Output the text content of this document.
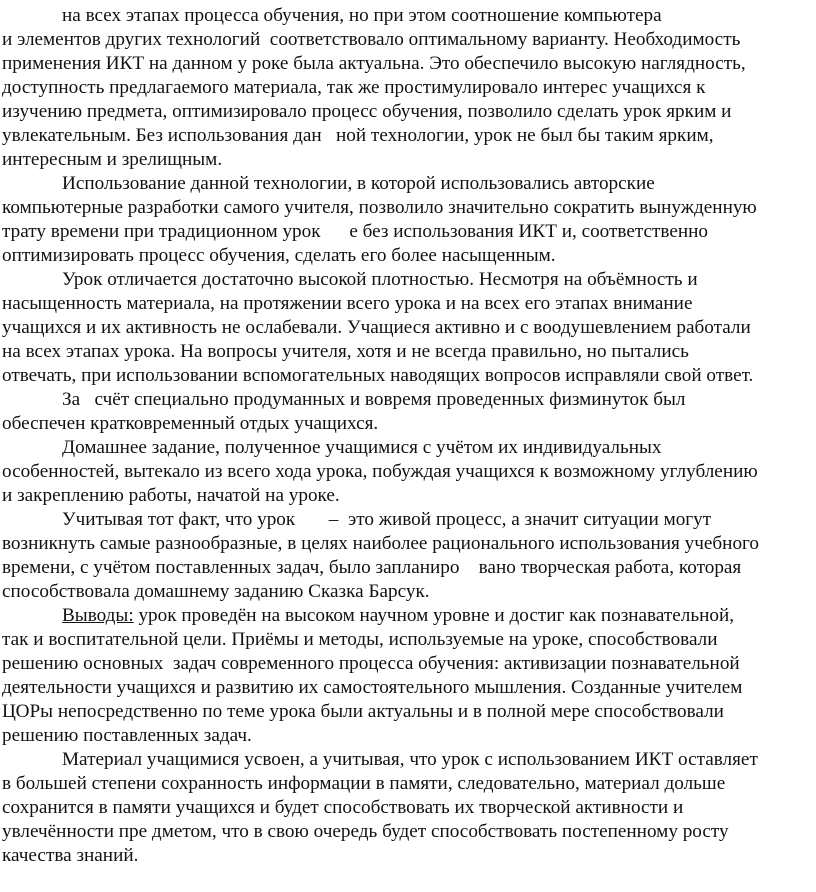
на всех этапах процесса обучения, но при этом соотношение компьютера
и элементов других технологий  соответствовало оптимальному варианту. Необходимость
применения ИКТ на данном у роке была актуальна. Это обеспечило высокую наглядность,
доступность предлагаемого материала, так же простимулировало интерес учащихся к
изучению предмета, оптимизировало процесс обучения, позволило сделать урок ярким и
увлекательным. Без использования дан   ной технологии, урок не был бы таким ярким,
интересным и зрелищным.
Использование данной технологии, в которой использовались авторские
компьютерные разработки самого учителя, позволило значительно сократить вынужденную
трату времени при традиционном урок      е без использования ИКТ и, соответственно
оптимизировать процесс обучения, сделать его более насыщенным.
Урок отличается достаточно высокой плотностью. Несмотря на объёмность и
насыщенность материала, на протяжении всего урока и на всех его этапах внимание
учащихся и их активность не ослабевали. Учащиеся активно и с воодушевлением работали
на всех этапах урока. На вопросы учителя, хотя и не всегда правильно, но пытались
отвечать, при использовании вспомогательных наводящих вопросов исправляли свой ответ.
За   счёт специально продуманных и вовремя проведенных физминуток был
обеспечен кратковременный отдых учащихся.
Домашнее задание, полученное учащимися с учётом их индивидуальных
особенностей, вытекало из всего хода урока, побуждая учащихся к возможному углублению
и закреплению работы, начатой на уроке.
Учитывая тот факт, что урок       –  это живой процесс, а значит ситуации могут
возникнуть самые разнообразные, в целях наиболее рационального использования учебного
времени, с учётом поставленных задач, было запланиро    вано творческая работа, которая
способствовала домашнему заданию Сказка Барсук.
Выводы: урок проведён на высоком научном уровне и достиг как познавательной,
так и воспитательной цели. Приёмы и методы, используемые на уроке, способствовали
решению основных  задач современного процесса обучения: активизации познавательной
деятельности учащихся и развитию их самостоятельного мышления. Созданные учителем
ЦОРы непосредственно по теме урока были актуальны и в полной мере способствовали
решению поставленных задач.
Материал учащимися усвоен, а учитывая, что урок с использованием ИКТ оставляет
в большей степени сохранность информации в памяти, следовательно, материал дольше
сохранится в памяти учащихся и будет способствовать их творческой активности и
увлечённости пре дметом, что в свою очередь будет способствовать постепенному росту
качества знаний.
